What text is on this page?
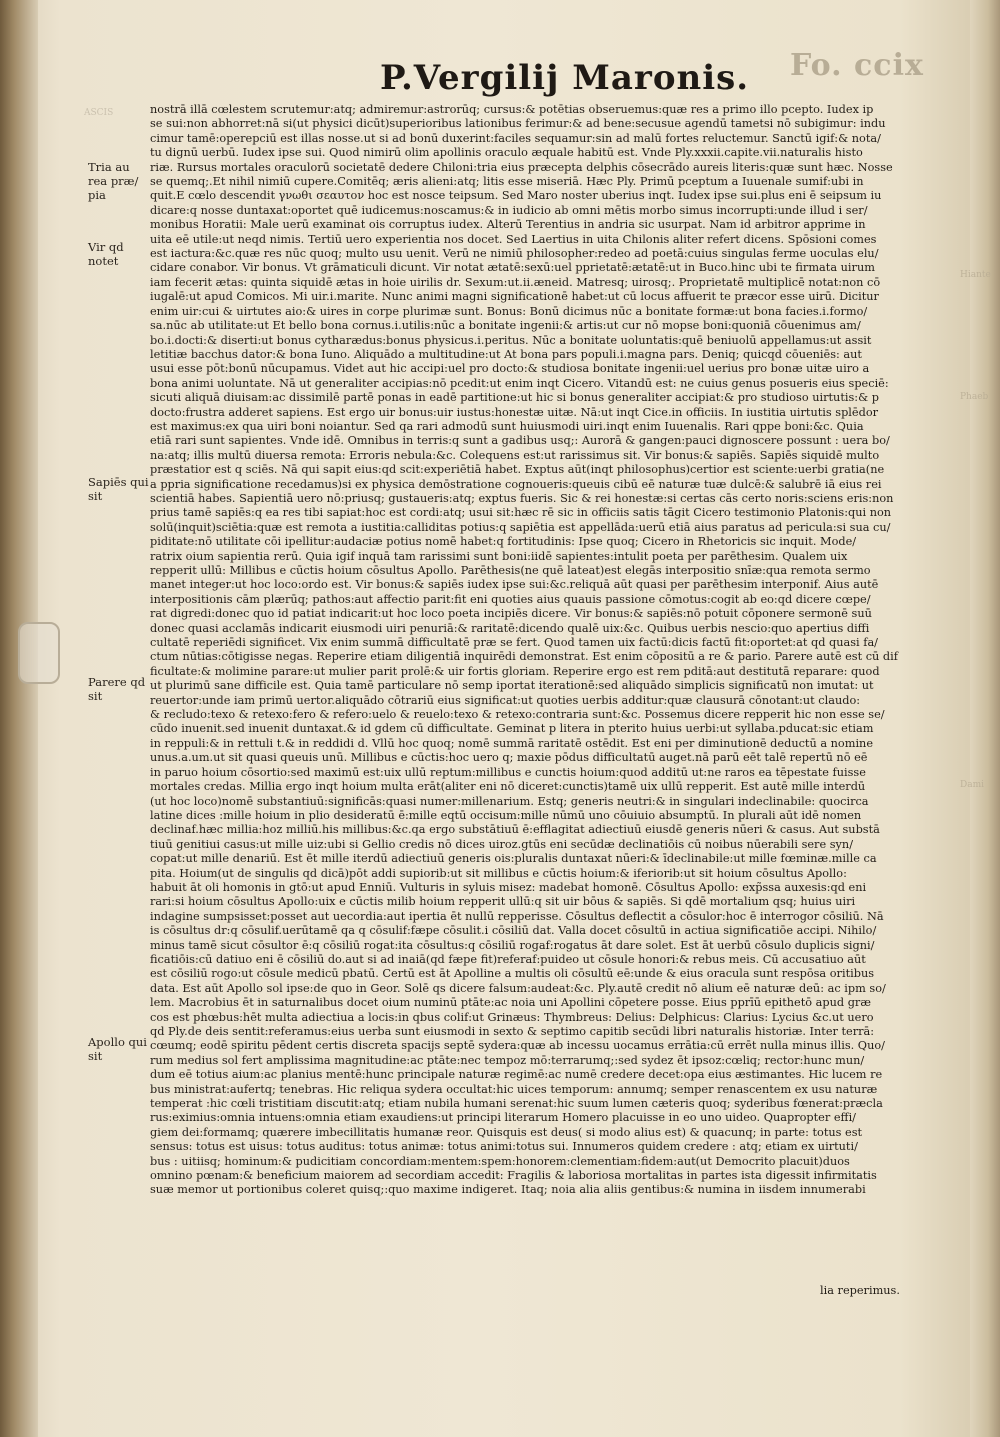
ASCIS
Hiante
Phaeb
Dami
P.Vergilij Maronis. Fo. ccix
Tria au rea præ/ pia
Vir qd notet
Sapiēs qui sit
Parere qd sit
Apollo qui sit

nostrā illā cœlestem scrutemur:atq; admiremur:astrorūq; cursus:& potētias obseruemus:quæ res a primo illo pcepto. Iudex ip

se sui:non abhorret:nā si(ut physici dicūt)superioribus lationibus ferimur:& ad bene:secusue agendū tametsi nō subigimur: indu

cimur tamē:operepciū est illas nosse.ut si ad bonū duxerint:faciles sequamur:sin ad malū fortes reluctemur. Sanctū igif:& nota/

tu dignū uerbū. Iudex ipse sui. Quod nimirū olim apollinis oraculo æquale habitū est. Vnde Ply.xxxii.capite.vii.naturalis histo

riæ. Rursus mortales oraculorū societatē dedere Chiloni:tria eius præcepta delphis cōsecrādo aureis literis:quæ sunt hæc. Nosse

se quemq;.Et nihil nimiū cupere.Comitēq; æris alieni:atq; litis esse miseriā. Hæc Ply. Primū pceptum a Iuuenale sumif:ubi in

quit.E cœlo descendit γνωθι σεαυτον hoc est nosce teipsum. Sed Maro noster uberius inqt. Iudex ipse sui.plus eni ē seipsum iu

dicare:q nosse duntaxat:oportet quē iudicemus:noscamus:& in iudicio ab omni mētis morbo simus incorrupti:unde illud i ser/

monibus Horatii: Male uerū examinat ois corruptus iudex. Alterū Terentius in andria sic usurpat. Nam id arbitror apprime in

uita eē utile:ut neqd nimis. Tertiū uero experientia nos docet. Sed Laertius in uita Chilonis aliter refert dicens. Spōsioni comes

est iactura:&c.quæ res nūc quoq; multo usu uenit. Verū ne nimiū philosopher:redeo ad poetā:cuius singulas ferme uoculas elu/

cidare conabor. Vir bonus. Vt grāmaticuli dicunt. Vir notat ætatē:sexū:uel pprietatē:ætatē:ut in Buco.hinc ubi te firmata uirum

iam fecerit ætas: quinta siquidē ætas in hoie uirilis dr. Sexum:ut.ii.æneid. Matresq; uirosq;. Proprietatē multiplicē notat:non cō

iugalē:ut apud Comicos. Mi uir.i.marite. Nunc animi magni significationē habet:ut cū locus affuerit te præcor esse uirū. Dicitur

enim uir:cui & uirtutes aio:& uires in corpe plurimæ sunt. Bonus: Bonū dicimus nūc a bonitate formæ:ut bona facies.i.formo/

sa.nūc ab utilitate:ut Et bello bona cornus.i.utilis:nūc a bonitate ingenii:& artis:ut cur nō mopse boni:quoniā cōuenimus am/

bo.i.docti:& diserti:ut bonus cytharædus:bonus physicus.i.peritus. Nūc a bonitate uoluntatis:quē beniuolū appellamus:ut assit

letitiæ bacchus dator:& bona Iuno. Aliquādo a multitudine:ut At bona pars populi.i.magna pars. Deniq; quicqd cōueniēs: aut

usui esse pōt:bonū nūcupamus. Videt aut hic accipi:uel pro docto:& studiosa bonitate ingenii:uel uerius pro bonæ uitæ uiro a

bona animi uoluntate. Nā ut generaliter accipias:nō pcedit:ut enim inqt Cicero. Vitandū est: ne cuius genus posueris eius speciē:

sicuti aliquā diuisam:ac dissimilē partē ponas in eadē partitione:ut hic si bonus generaliter accipiat:& pro studioso uirtutis:& p

docto:frustra adderet sapiens. Est ergo uir bonus:uir iustus:honestæ uitæ. Nā:ut inqt Cice.in officiis. In iustitia uirtutis splēdor

est maximus:ex qua uiri boni noiantur. Sed qa rari admodū sunt huiusmodi uiri.inqt enim Iuuenalis. Rari qppe boni:&c. Quia

etiā rari sunt sapientes. Vnde idē. Omnibus in terris:q sunt a gadibus usq;: Aurorā & gangen:pauci dignoscere possunt : uera bo/

na:atq; illis multū diuersa remota: Erroris nebula:&c. Colequens est:ut rarissimus sit. Vir bonus:& sapiēs. Sapiēs siquidē multo

præstatior est q sciēs. Nā qui sapit eius:qd scit:experiētiā habet. Exptus aūt(inqt philosophus)certior est sciente:uerbi gratia(ne

a ppria significatione recedamus)si ex physica demōstratione cognoueris:queuis cibū eē naturæ tuæ dulcē:& salubrē iā eius rei

scientiā habes. Sapientiā uero nō:priusq; gustaueris:atq; exptus fueris. Sic & rei honestæ:si certas cās certo noris:sciens eris:non

prius tamē sapiēs:q ea res tibi sapiat:hoc est cordi:atq; usui sit:hæc rē sic in officiis satis tāgit Cicero testimonio Platonis:qui non

solū(inquit)sciētia:quæ est remota a iustitia:calliditas potius:q sapiētia est appellāda:uerū etiā aius paratus ad pericula:si sua cu/

piditate:nō utilitate cōi ipellitur:audaciæ potius nomē habet:q fortitudinis: Ipse quoq; Cicero in Rhetoricis sic inquit. Mode/

ratrix oium sapientia rerū. Quia igif inquā tam rarissimi sunt boni:iidē sapientes:intulit poeta per parēthesim. Qualem uix

repperit ullū: Millibus e cūctis hoium cōsultus Apollo. Parēthesis(ne quē lateat)est elegās interpositio snīæ:qua remota sermo

manet integer:ut hoc loco:ordo est. Vir bonus:& sapiēs iudex ipse sui:&c.reliquā aūt quasi per parēthesim interponif. Aius autē

interpositionis cām plærūq; pathos:aut affectio parit:fit eni quoties aius quauis passione cōmotus:cogit ab eo:qd dicere cœpe/

rat digredi:donec quo id patiat indicarit:ut hoc loco poeta incipiēs dicere. Vir bonus:& sapiēs:nō potuit cōponere sermonē suū

donec quasi acclamās indicarit eiusmodi uiri penuriā:& raritatē:dicendo qualē uix:&c. Quibus uerbis nescio:quo apertius diffi

cultatē reperiēdi significet. Vix enim summā difficultatē præ se fert. Quod tamen uix factū:dicis factū fit:oportet:at qd quasi fa/

ctum nūtias:cōtigisse negas. Reperire etiam diligentiā inquirēdi demonstrat. Est enim cōpositū a re & pario. Parere autē est cū dif

ficultate:& molimine parare:ut mulier parit prolē:& uir fortis gloriam. Reperire ergo est rem pditā:aut destitutā reparare: quod

ut plurimū sane difficile est. Quia tamē particulare nō semp iportat iterationē:sed aliquādo simplicis significatū non imutat: ut

reuertor:unde iam primū uertor.aliquādo cōtrariū eius significat:ut quoties uerbis additur:quæ clausurā cōnotant:ut claudo:

& recludo:texo & retexo:fero & refero:uelo & reuelo:texo & retexo:contraria sunt:&c. Possemus dicere repperit hic non esse se/

cūdo inuenit.sed inuenit duntaxat.& id gdem cū difficultate. Geminat p litera in pterito huius uerbi:ut syllaba.pducat:sic etiam

in reppuli:& in rettuli t.& in reddidi d. Vllū hoc quoq; nomē summā raritatē ostēdit. Est eni per diminutionē deductū a nomine

unus.a.um.ut sit quasi queuis unū. Millibus e cūctis:hoc uero q; maxie pōdus difficultatū auget.nā parū eēt talē repertū nō eē

in paruo hoium cōsortio:sed maximū est:uix ullū reptum:millibus e cunctis hoium:quod additū ut:ne raros ea tēpestate fuisse

mortales credas. Millia ergo inqt hoium multa erāt(aliter eni nō diceret:cunctis)tamē uix ullū repperit. Est autē mille interdū

(ut hoc loco)nomē substantiuū:significās:quasi numer:millenarium. Estq; generis neutri:& in singulari indeclinabile: quocirca

latine dices :mille hoium in plio desideratū ē:mille eqtū occisum:mille nūmū uno cōuiuio absumptū. In plurali aūt idē nomen

declinaf.hæc millia:hoz milliū.his millibus:&c.qa ergo substātiuū ē:efflagitat adiectiuū eiusdē generis nūeri & casus. Aut substā

tiuū genitiui casus:ut mille uiz:ubi si Gellio credis nō dices uiroz.gtūs eni secūdæ declinatiōis cū noibus nūerabili sere syn/

copat:ut mille denariū. Est ēt mille iterdū adiectiuū generis ois:pluralis duntaxat nūeri:& īdeclinabile:ut mille fœminæ.mille ca

pita. Hoium(ut de singulis qd dicā)pōt addi supiorib:ut sit millibus e cūctis hoium:& iferiorib:ut sit hoium cōsultus Apollo:

habuit āt oli homonis in gtō:ut apud Enniū. Vulturis in syluis misez: madebat homonē. Cōsultus Apollo: exp̃ssa auxesis:qd eni

rari:si hoium cōsultus Apollo:uix e cūctis milib hoium repperit ullū:q sit uir bōus & sapiēs. Si qdē mortalium qsq; huius uiri

indagine sumpsisset:posset aut uecordia:aut ipertia ēt nullū repperisse. Cōsultus deflectit a cōsulor:hoc ē interrogor cōsiliū. Nā

is cōsultus dr:q cōsulif.uerūtamē qa q cōsulif:fæpe cōsulit.i cōsiliū dat. Valla docet cōsultū in actiua significatiōe accipi. Nihilo/

minus tamē sicut cōsultor ē:q cōsiliū rogat:ita cōsultus:q cōsiliū rogaf:rogatus āt dare solet. Est āt uerbū cōsulo duplicis signi/

ficatiōis:cū datiuo eni ē cōsiliū do.aut si ad inaiā(qd fæpe fit)referaf:puideo ut cōsule honori:& rebus meis. Cū accusatiuo aūt

est cōsiliū rogo:ut cōsule medicū pbatū. Certū est āt Apolline a multis oli cōsultū eē:unde & eius oracula sunt respōsa oritibus

data. Est aūt Apollo sol ipse:de quo in Geor. Solē qs dicere falsum:audeat:&c. Ply.autē credit nō alium eē naturæ deū: ac ipm so/

lem. Macrobius ēt in saturnalibus docet oium numinū ptāte:ac noia uni Apollini cōpetere posse. Eius pprīū epithetō apud græ

cos est phœbus:hēt multa adiectiua a locis:in qbus colif:ut Grinæus: Thymbreus: Delius: Delphicus: Clarius: Lycius &c.ut uero

qd Ply.de deis sentit:referamus:eius uerba sunt eiusmodi in sexto & septimo capitib secūdi libri naturalis historiæ. Inter terrā:

cœumq; eodē spiritu pēdent certis discreta spacijs septē sydera:quæ ab incessu uocamus errātia:cū errēt nulla minus illis. Quo/

rum medius sol fert amplissima magnitudine:ac ptāte:nec tempoz mō:terrarumq;:sed sydez ēt ipsoz:cœliq; rector:hunc mun/

dum eē totius aium:ac planius mentē:hunc principale naturæ regimē:ac numē credere decet:opa eius æstimantes. Hic lucem re

bus ministrat:aufertq; tenebras. Hic reliqua sydera occultat:hic uices temporum: annumq; semper renascentem ex usu naturæ

temperat :hic cœli tristitiam discutit:atq; etiam nubila humani serenat:hic suum lumen cæteris quoq; syderibus fœnerat:præcla

rus:eximius:omnia intuens:omnia etiam exaudiens:ut principi literarum Homero placuisse in eo uno uideo. Quapropter effi/

giem dei:formamq; quærere imbecillitatis humanæ reor. Quisquis est deus( si modo alius est) & quacunq; in parte: totus est

sensus: totus est uisus: totus auditus: totus animæ: totus animi:totus sui. Innumeros quidem credere : atq; etiam ex uirtuti/

bus : uitiisq; hominum:& pudicitiam concordiam:mentem:spem:honorem:clementiam:fidem:aut(ut Democrito placuit)duos

omnino pœnam:& beneficium maiorem ad secordiam accedit: Fragilis & laboriosa mortalitas in partes ista digessit infirmitatis

suæ memor ut portionibus coleret quisq;:quo maxime indigeret. Itaq; noia alia aliis gentibus:& numina in iisdem innumerabi

lia reperimus.
